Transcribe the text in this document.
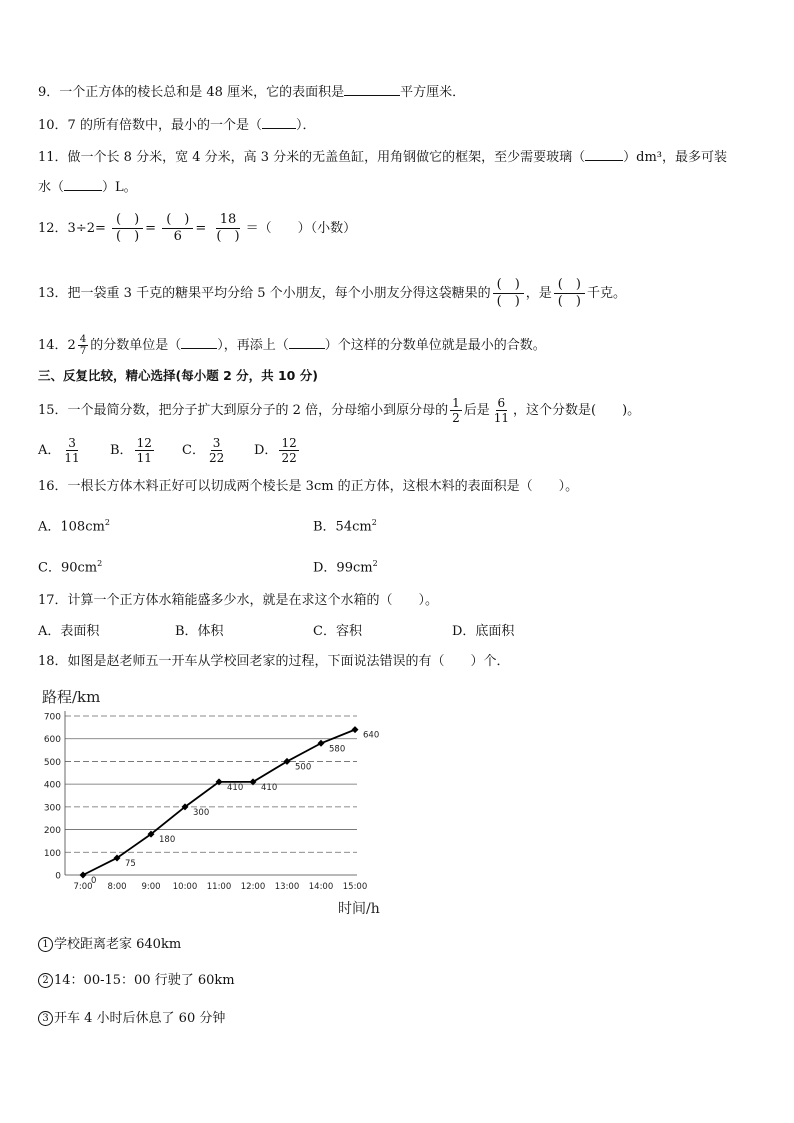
9．一个正方体的棱长总和是 48 厘米，它的表面积是	平方厘米．
10．7 的所有倍数中，最小的一个是（	）．
11．做一个长 8 分米，宽 4 分米，高 3 分米的无盖鱼缸，用角钢做它的框架，至少需要玻璃（	）dm³，最多可装
水（	）L。
12．$3\div 2= \frac{( )}{( )} = \frac{( )}{6} = \frac{18}{( )}$ ＝（　　）（小数）
13．把一袋重 3 千克的糖果平均分给 5 个小朋友，每个小朋友分得这袋糖果的 $\frac{( )}{( )}$ ，是 $\frac{( )}{( )}$ 千克。
14．$2 \frac{4}{7}$ 的分数单位是（	），再添上（	）个这样的分数单位就是最小的合数。
三、反复比较，精心选择(每小题 2 分，共 10 分)
15．一个最简分数，把分子扩大到原分子的 2 倍，分母缩小到原分母的 $\frac{1}{2}$ 后是 $\frac{6}{11}$ ，这个分数是(　　)。
A． $\frac{3}{11}$ B． $\frac{12}{11}$ C． $\frac{3}{22}$ D． $\frac{12}{22}$
16．一根长方体木料正好可以切成两个棱长是 3cm 的正方体，这根木料的表面积是（　　）。
A．$108cm^2$	B．$54cm^2$
C．$90cm^2$	D．$99cm^2$
17．计算一个正方体水箱能盛多少水，就是在求这个水箱的（　　）。
A．表面积	B．体积	C．容积	D．底面积
18．如图是赵老师五一开车从学校回老家的过程，下面说法错误的有（　　）个．
路程/km
时间/h
0
100
200
300
400
500
600
700
7:00 8:00 9:00 10:00 11:00 12:00 13:00 14:00 15:00
0
75
180
300
410 410
500
580
640
1 学校距离老家 640km
2 14：00-15：00 行驶了 60km
3 开车 4 小时后休息了 60 分钟
